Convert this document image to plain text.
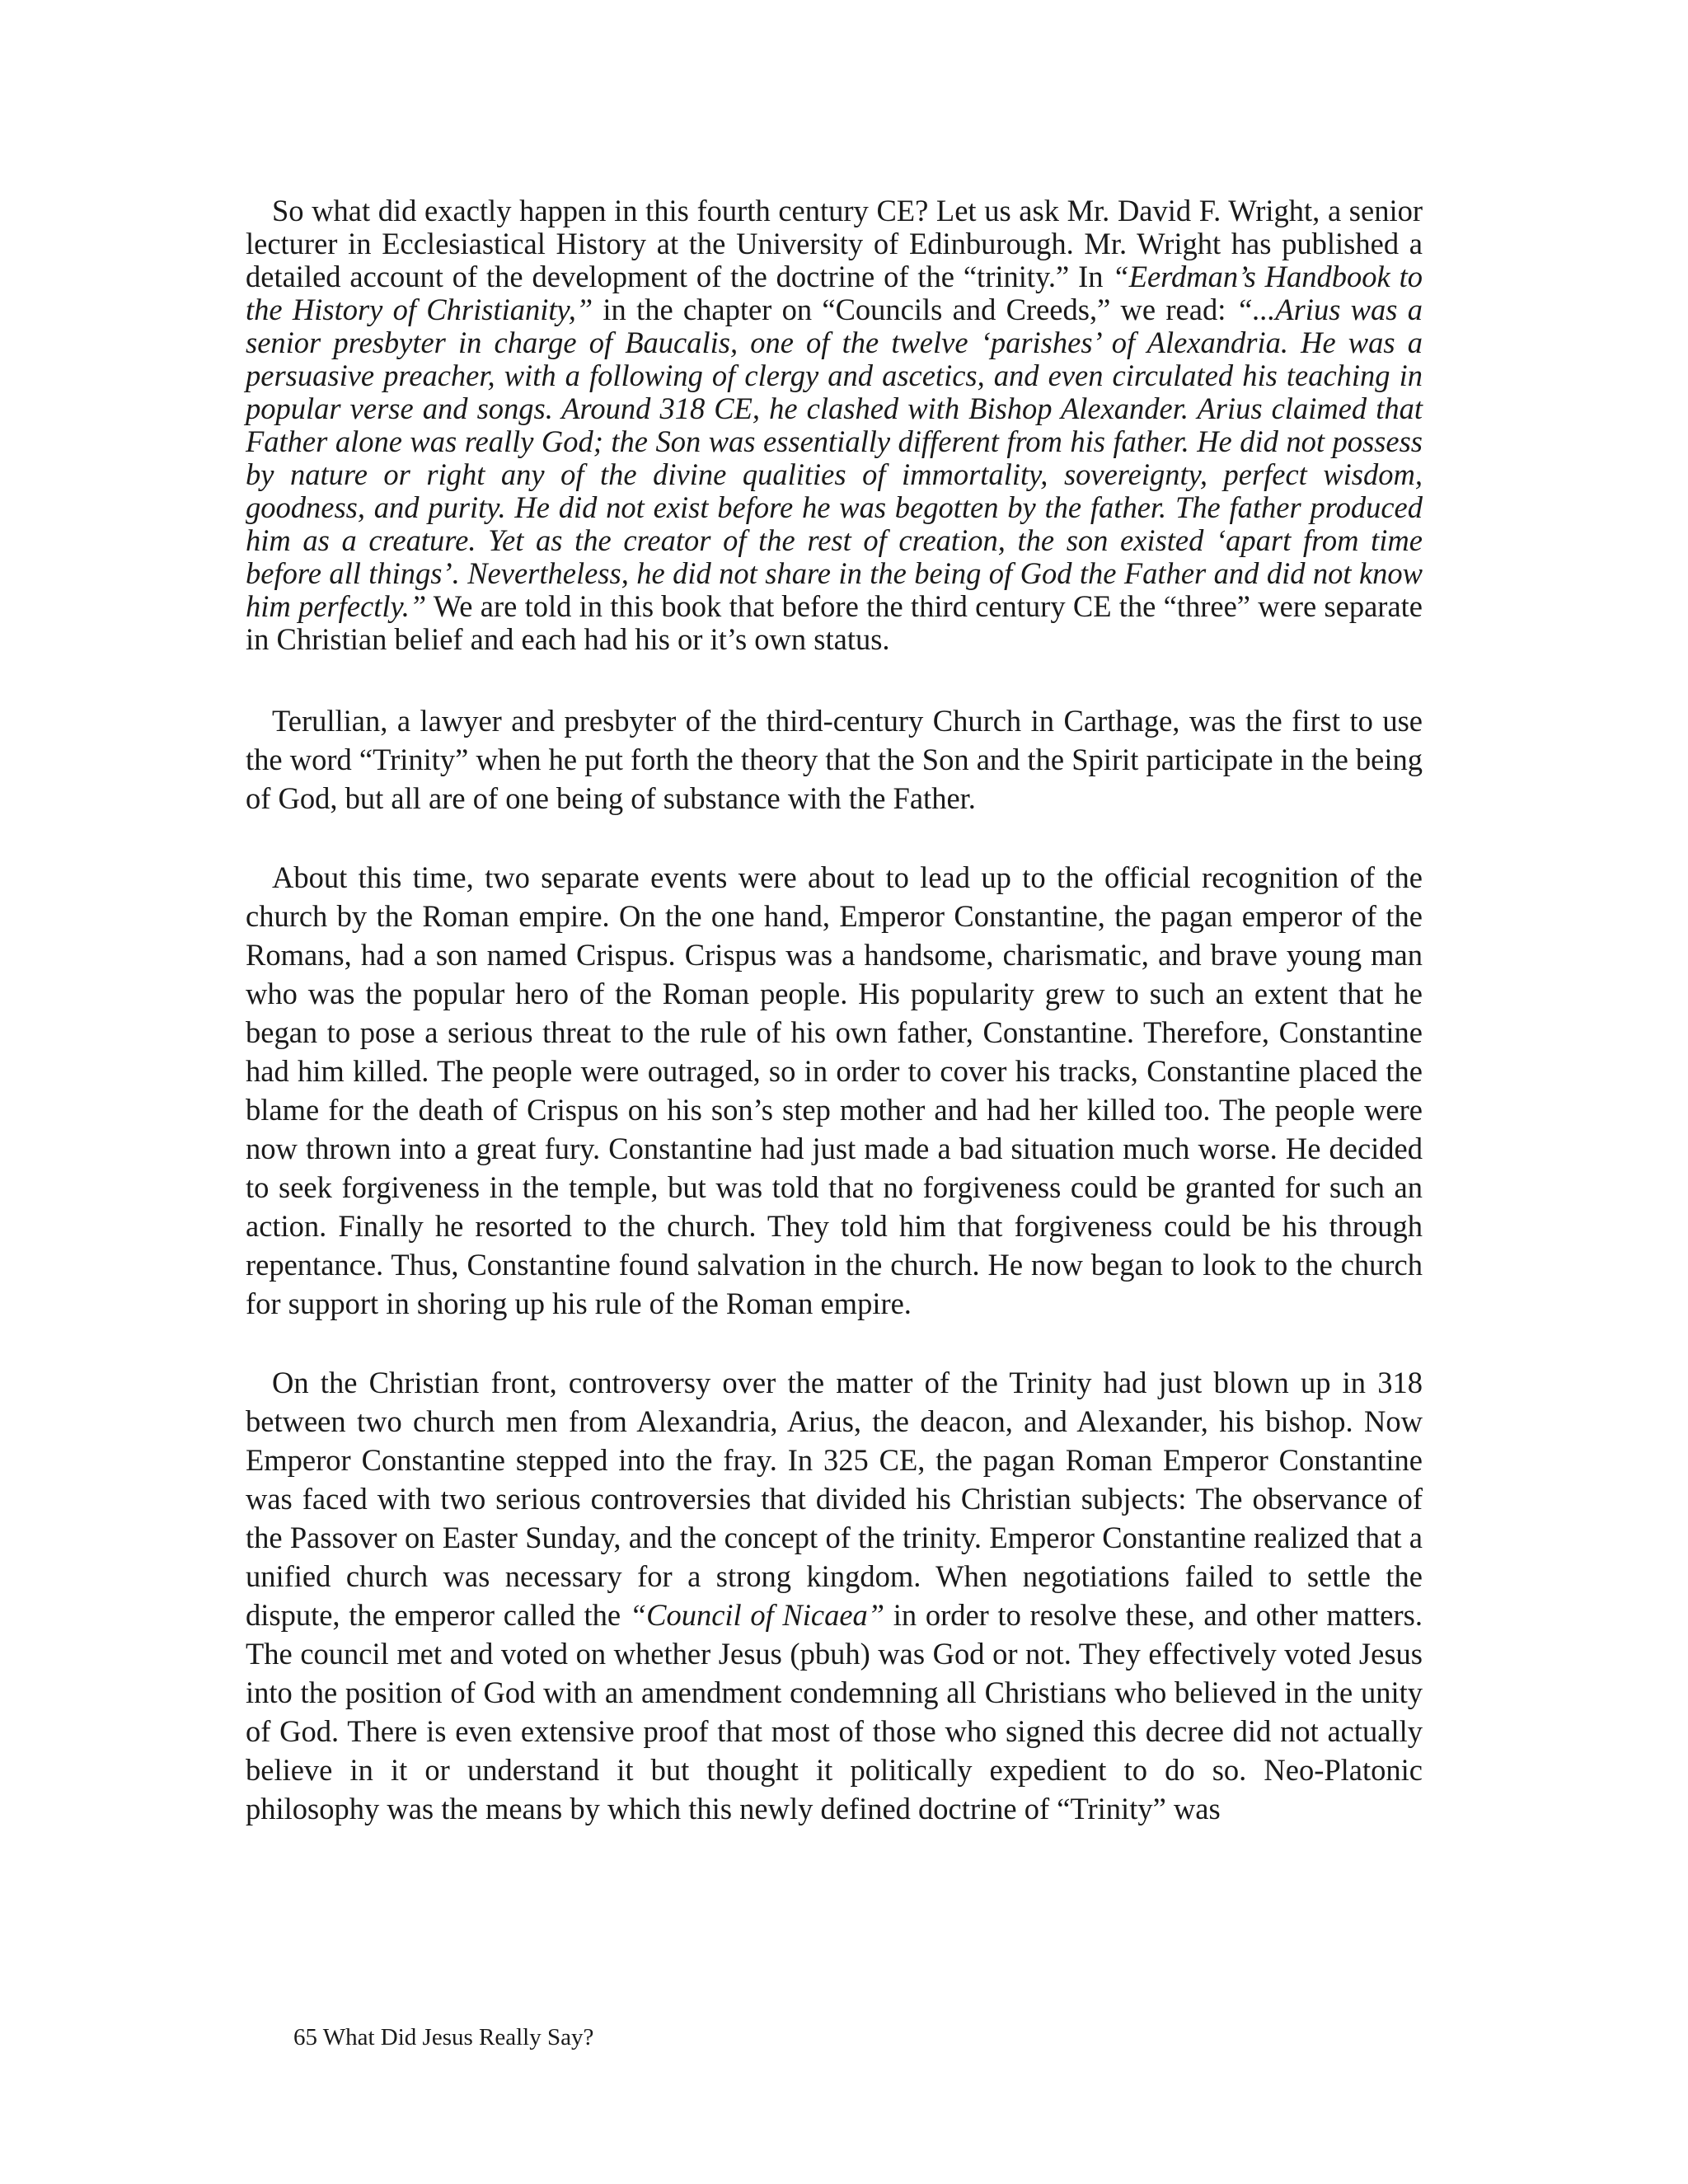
So what did exactly happen in this fourth century CE? Let us ask Mr. David F. Wright, a senior lecturer in Ecclesiastical History at the University of Edinburough. Mr. Wright has published a detailed account of the development of the doctrine of the “trinity.” In “Eerdman’s Handbook to the History of Christianity,” in the chapter on “Councils and Creeds,” we read: “...Arius was a senior presbyter in charge of Baucalis, one of the twelve ‘parishes’ of Alexandria. He was a persuasive preacher, with a following of clergy and ascetics, and even circulated his teaching in popular verse and songs. Around 318 CE, he clashed with Bishop Alexander. Arius claimed that Father alone was really God; the Son was essentially different from his father. He did not possess by nature or right any of the divine qualities of immortality, sovereignty, perfect wisdom, goodness, and purity. He did not exist before he was begotten by the father. The father produced him as a creature. Yet as the creator of the rest of creation, the son existed ‘apart from time before all things’. Nevertheless, he did not share in the being of God the Father and did not know him perfectly.” We are told in this book that before the third century CE the “three” were separate in Christian belief and each had his or it’s own status.

Terullian, a lawyer and presbyter of the third-century Church in Carthage, was the first to use the word “Trinity” when he put forth the theory that the Son and the Spirit participate in the being of God, but all are of one being of substance with the Father.

About this time, two separate events were about to lead up to the official recognition of the church by the Roman empire. On the one hand, Emperor Constantine, the pagan emperor of the Romans, had a son named Crispus. Crispus was a handsome, charismatic, and brave young man who was the popular hero of the Roman people. His popularity grew to such an extent that he began to pose a serious threat to the rule of his own father, Constantine. Therefore, Constantine had him killed. The people were outraged, so in order to cover his tracks, Constantine placed the blame for the death of Crispus on his son’s step mother and had her killed too. The people were now thrown into a great fury. Constantine had just made a bad situation much worse. He decided to seek forgiveness in the temple, but was told that no forgiveness could be granted for such an action. Finally he resorted to the church. They told him that forgiveness could be his through repentance. Thus, Constantine found salvation in the church. He now began to look to the church for support in shoring up his rule of the Roman empire.

On the Christian front, controversy over the matter of the Trinity had just blown up in 318 between two church men from Alexandria, Arius, the deacon, and Alexander, his bishop. Now Emperor Constantine stepped into the fray. In 325 CE, the pagan Roman Emperor Constantine was faced with two serious controversies that divided his Christian subjects: The observance of the Passover on Easter Sunday, and the concept of the trinity. Emperor Constantine realized that a unified church was necessary for a strong kingdom. When negotiations failed to settle the dispute, the emperor called the “Council of Nicaea” in order to resolve these, and other matters. The council met and voted on whether Jesus (pbuh) was God or not. They effectively voted Jesus into the position of God with an amendment condemning all Christians who believed in the unity of God. There is even extensive proof that most of those who signed this decree did not actually believe in it or understand it but thought it politically expedient to do so. Neo-Platonic philosophy was the means by which this newly defined doctrine of “Trinity” was

65 What Did Jesus Really Say?
